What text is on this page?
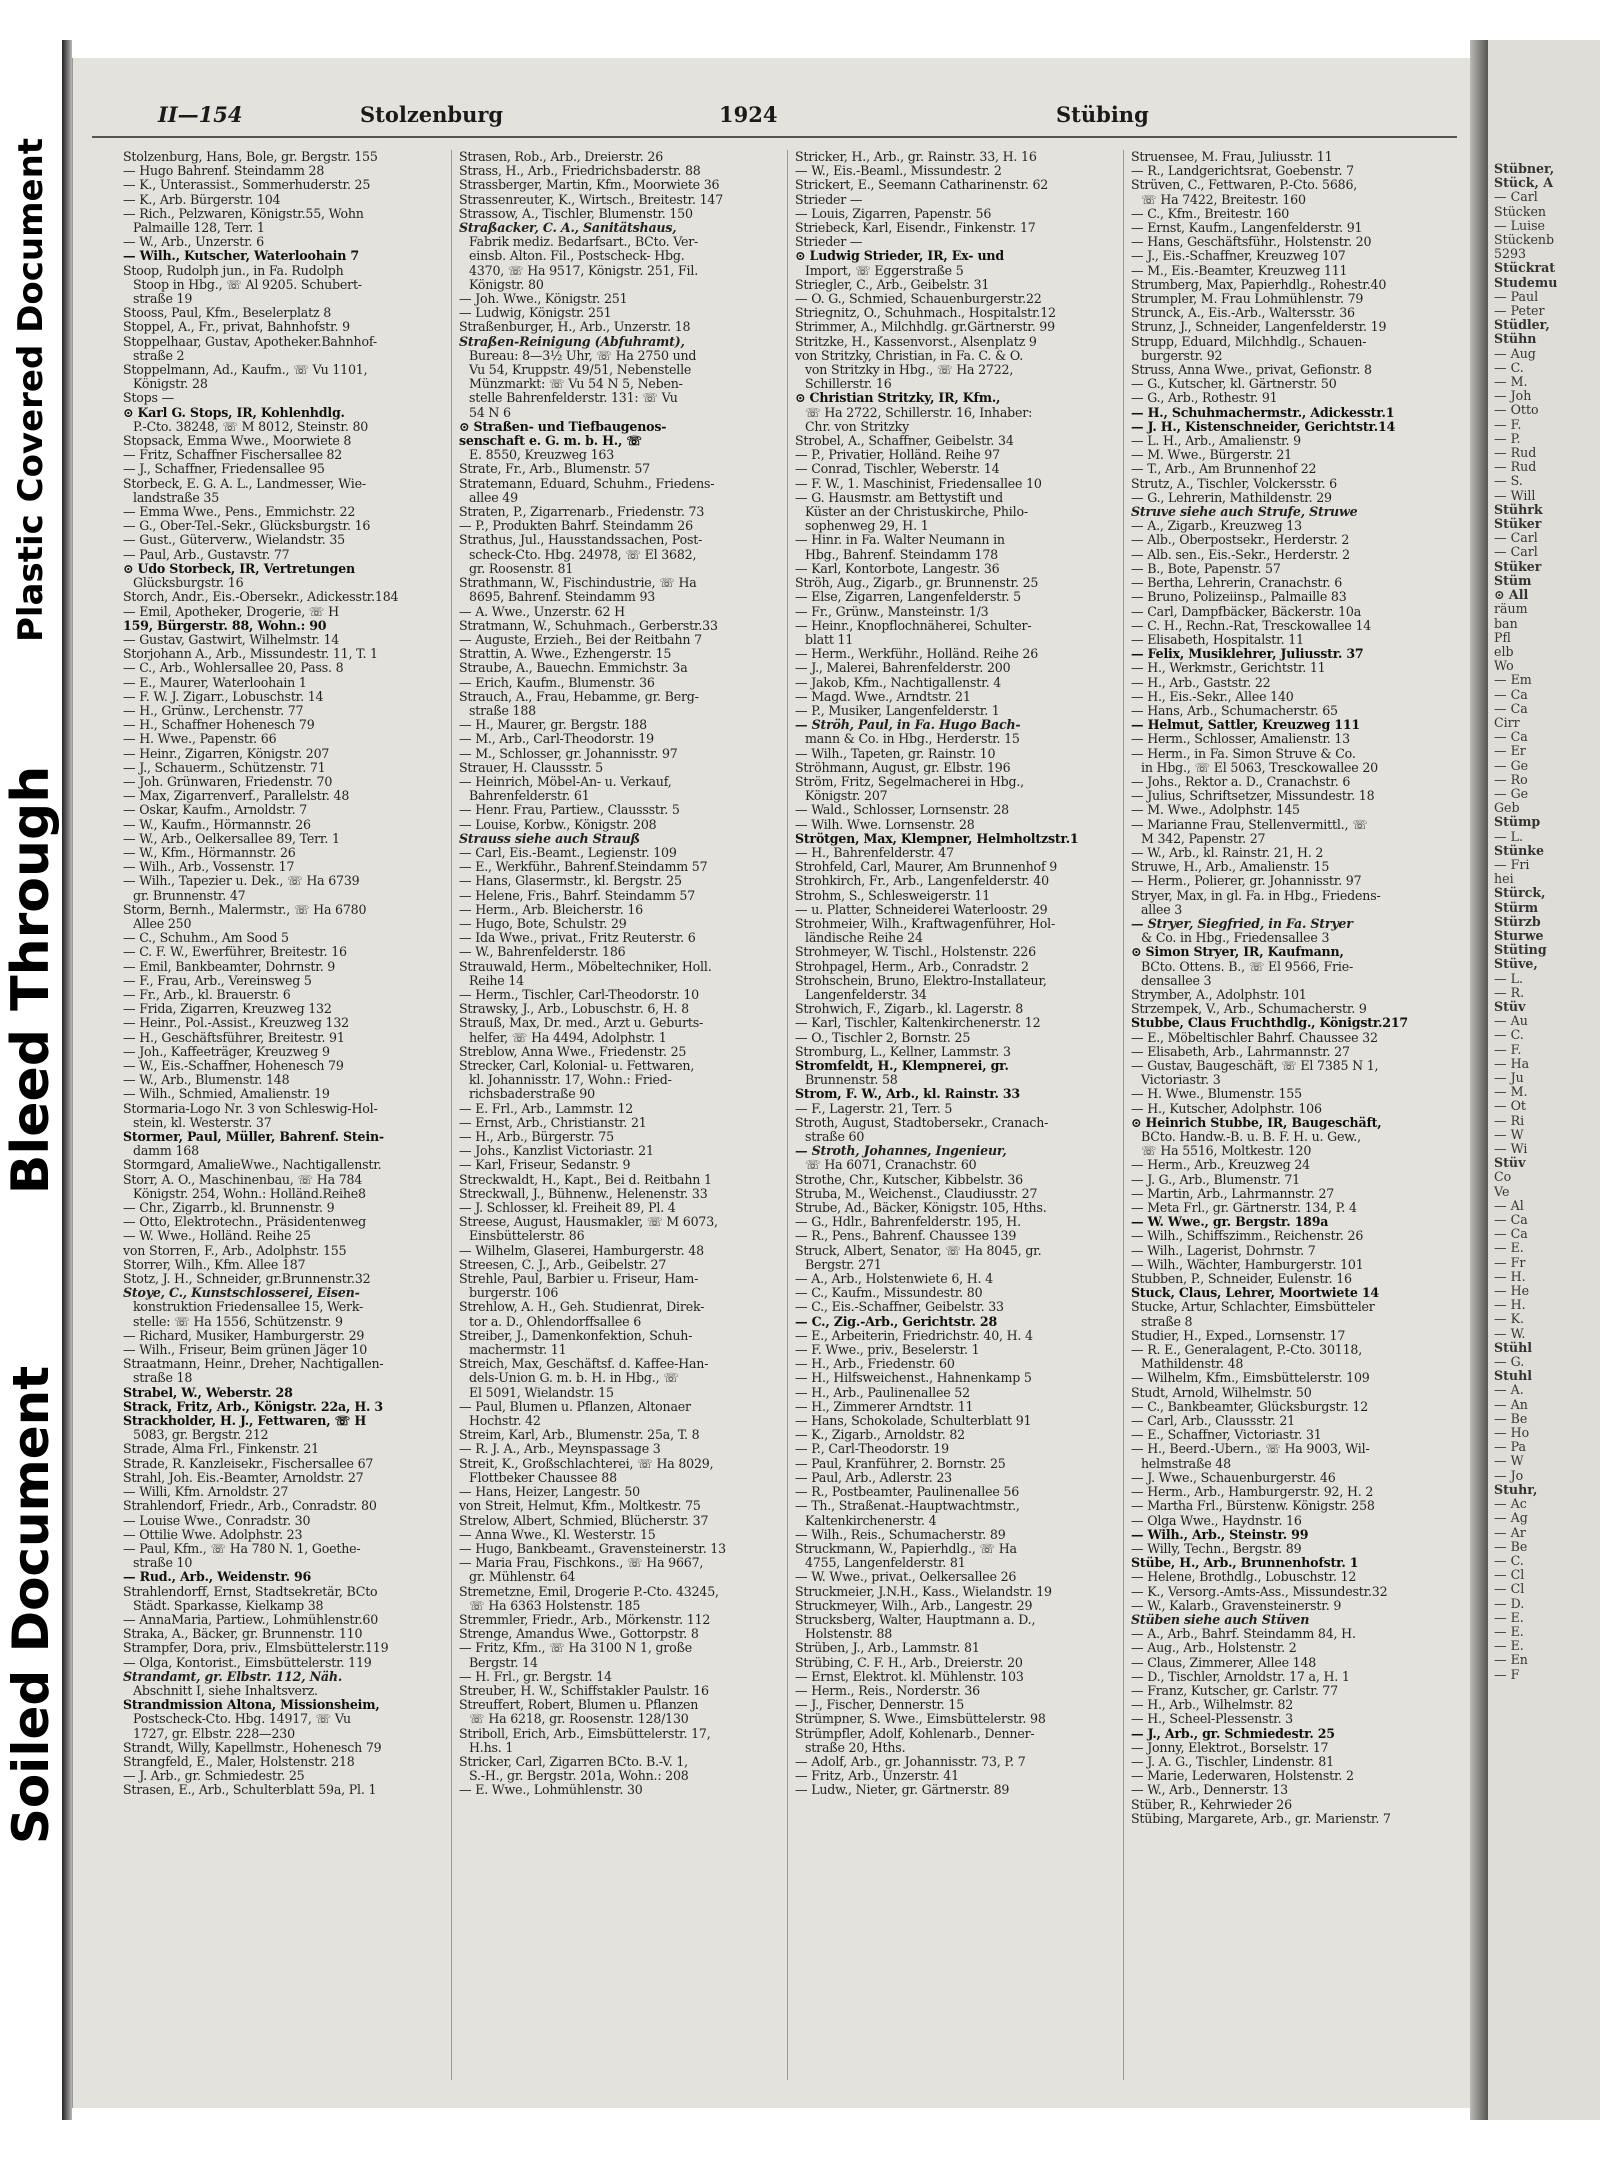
Plastic Covered Document
Bleed Through
Soiled Document
Stübner,
Stück, A
— Carl
Stücken
— Luise
Stückenb
5293
Stückrat
Studemu
— Paul
— Peter
Stüdler,
Stühn
— Aug
— C.
— M.
— Joh
— Otto
— F.
— P.
— Rud
— Rud
— S.
— Will
Stührk
Stüker
— Carl
— Carl
Stüker
Stüm
⊙ All
räum
ban
Pfl
elb
Wo
— Em
— Ca
— Ca
Cirr
— Ca
— Er
— Ge
— Ro
— Ge
Geb
Stümp
— L.
Stünke
— Fri
hei
Stürck,
Stürm
Stürzb
Sturwe
Stüting
Stüve,
— L.
— R.
Stüv
— Au
— C.
— F.
— Ha
— Ju
— M.
— Ot
— Ri
— W
— Wi
Stüv
Co
Ve
— Al
— Ca
— Ca
— E.
— Fr
— H.
— He
— H.
— K.
— W.
Stühl
— G.
Stuhl
— A.
— An
— Be
— Ho
— Pa
— W
— Jo
Stuhr,
— Ac
— Ag
— Ar
— Be
— C.
— Cl
— Cl
— D.
— E.
— E.
— E.
— En
— F
II—154	Stolzenburg	1924	Stübing
Stolzenburg, Hans, Bole, gr. Bergstr. 155
— Hugo Bahrenf. Steindamm 28
— K., Unterassist., Sommerhuderstr. 25
— K., Arb. Bürgerstr. 104
— Rich., Pelzwaren, Königstr.55, Wohn
Palmaille 128, Terr. 1
— W., Arb., Unzerstr. 6
— Wilh., Kutscher, Waterloohain 7
Stoop, Rudolph jun., in Fa. Rudolph
Stoop in Hbg., ☏ Al 9205. Schubert-
straße 19
Stooss, Paul, Kfm., Beselerplatz 8
Stoppel, A., Fr., privat, Bahnhofstr. 9
Stoppelhaar, Gustav, Apotheker.Bahnhof-
straße 2
Stoppelmann, Ad., Kaufm., ☏ Vu 1101,
Königstr. 28
Stops —
⊙ Karl G. Stops, IR, Kohlenhdlg.
P.-Cto. 38248, ☏ M 8012, Steinstr. 80
Stopsack, Emma Wwe., Moorwiete 8
— Fritz, Schaffner Fischersallee 82
— J., Schaffner, Friedensallee 95
Storbeck, E. G. A. L., Landmesser, Wie-
landstraße 35
— Emma Wwe., Pens., Emmichstr. 22
— G., Ober-Tel.-Sekr., Glücksburgstr. 16
— Gust., Güterverw., Wielandstr. 35
— Paul, Arb., Gustavstr. 77
⊙ Udo Storbeck, IR, Vertretungen
Glücksburgstr. 16
Storch, Andr., Eis.-Obersekr., Adickesstr.184
— Emil, Apotheker, Drogerie, ☏ H
159, Bürgerstr. 88, Wohn.: 90
— Gustav, Gastwirt, Wilhelmstr. 14
Storjohann A., Arb., Missundestr. 11, T. 1
— C., Arb., Wohlersallee 20, Pass. 8
— E., Maurer, Waterloohain 1
— F. W. J. Zigarr., Lobuschstr. 14
— H., Grünw., Lerchenstr. 77
— H., Schaffner Hohenesch 79
— H. Wwe., Papenstr. 66
— Heinr., Zigarren, Königstr. 207
— J., Schauerm., Schützenstr. 71
— Joh. Grünwaren, Friedenstr. 70
— Max, Zigarrenverf., Parallelstr. 48
— Oskar, Kaufm., Arnoldstr. 7
— W., Kaufm., Hörmannstr. 26
— W., Arb., Oelkersallee 89, Terr. 1
— W., Kfm., Hörmannstr. 26
— Wilh., Arb., Vossenstr. 17
— Wilh., Tapezier u. Dek., ☏ Ha 6739
gr. Brunnenstr. 47
Storm, Bernh., Malermstr., ☏ Ha 6780
Allee 250
— C., Schuhm., Am Sood 5
— C. F. W., Ewerführer, Breitestr. 16
— Emil, Bankbeamter, Dohrnstr. 9
— F., Frau, Arb., Vereinsweg 5
— Fr., Arb., kl. Brauerstr. 6
— Frida, Zigarren, Kreuzweg 132
— Heinr., Pol.-Assist., Kreuzweg 132
— H., Geschäftsführer, Breitestr. 91
— Joh., Kaffeeträger, Kreuzweg 9
— W., Eis.-Schaffner, Hohenesch 79
— W., Arb., Blumenstr. 148
— Wilh., Schmied, Amalienstr. 19
Stormaria-Logo Nr. 3 von Schleswig-Hol-
stein, kl. Westerstr. 37
Stormer, Paul, Müller, Bahrenf. Stein-
damm 168
Stormgard, AmalieWwe., Nachtigallenstr.
Storr, A. O., Maschinenbau, ☏ Ha 784
Königstr. 254, Wohn.: Holländ.Reihe8
— Chr., Zigarrb., kl. Brunnenstr. 9
— Otto, Elektrotechn., Präsidentenweg
— W. Wwe., Holländ. Reihe 25
von Storren, F., Arb., Adolphstr. 155
Storrer, Wilh., Kfm. Allee 187
Stotz, J. H., Schneider, gr.Brunnenstr.32
Stoye, C., Kunstschlosserei, Eisen-
konstruktion Friedensallee 15, Werk-
stelle: ☏ Ha 1556, Schützenstr. 9
— Richard, Musiker, Hamburgerstr. 29
— Wilh., Friseur, Beim grünen Jäger 10
Straatmann, Heinr., Dreher, Nachtigallen-
straße 18
Strabel, W., Weberstr. 28
Strack, Fritz, Arb., Königstr. 22a, H. 3
Strackholder, H. J., Fettwaren, ☏ H
5083, gr. Bergstr. 212
Strade, Alma Frl., Finkenstr. 21
Strade, R. Kanzleisekr., Fischersallee 67
Strahl, Joh. Eis.-Beamter, Arnoldstr. 27
— Willi, Kfm. Arnoldstr. 27
Strahlendorf, Friedr., Arb., Conradstr. 80
— Louise Wwe., Conradstr. 30
— Ottilie Wwe. Adolphstr. 23
— Paul, Kfm., ☏ Ha 780 N. 1, Goethe-
straße 10
— Rud., Arb., Weidenstr. 96
Strahlendorff, Ernst, Stadtsekretär, BCto
Städt. Sparkasse, Kielkamp 38
— AnnaMaria, Partiew., Lohmühlenstr.60
Straka, A., Bäcker, gr. Brunnenstr. 110
Strampfer, Dora, priv., Elmsbüttelerstr.119
— Olga, Kontorist., Eimsbüttelerstr. 119
Strandamt, gr. Elbstr. 112, Näh.
Abschnitt I, siehe Inhaltsverz.
Strandmission Altona, Missionsheim,
Postscheck-Cto. Hbg. 14917, ☏ Vu
1727, gr. Elbstr. 228—230
Strandt, Willy, Kapellmstr., Hohenesch 79
Strangfeld, E., Maler, Holstenstr. 218
— J. Arb., gr. Schmiedestr. 25
Strasen, E., Arb., Schulterblatt 59a, Pl. 1
Strasen, Rob., Arb., Dreierstr. 26
Strass, H., Arb., Friedrichsbaderstr. 88
Strassberger, Martin, Kfm., Moorwiete 36
Strassenreuter, K., Wirtsch., Breitestr. 147
Strassow, A., Tischler, Blumenstr. 150
Straßacker, C. A., Sanitätshaus,
Fabrik mediz. Bedarfsart., BCto. Ver-
einsb. Alton. Fil., Postscheck- Hbg.
4370, ☏ Ha 9517, Königstr. 251, Fil.
Königstr. 80
— Joh. Wwe., Königstr. 251
— Ludwig, Königstr. 251
Straßenburger, H., Arb., Unzerstr. 18
Straßen-Reinigung (Abfuhramt),
Bureau: 8—3½ Uhr, ☏ Ha 2750 und
Vu 54, Kruppstr. 49/51, Nebenstelle
Münzmarkt: ☏ Vu 54 N 5, Neben-
stelle Bahrenfelderstr. 131: ☏ Vu
54 N 6
⊙ Straßen- und Tiefbaugenos-
senschaft e. G. m. b. H., ☏
E. 8550, Kreuzweg 163
Strate, Fr., Arb., Blumenstr. 57
Stratemann, Eduard, Schuhm., Friedens-
allee 49
Straten, P., Zigarrenarb., Friedenstr. 73
— P., Produkten Bahrf. Steindamm 26
Strathus, Jul., Hausstandssachen, Post-
scheck-Cto. Hbg. 24978, ☏ El 3682,
gr. Roosenstr. 81
Strathmann, W., Fischindustrie, ☏ Ha
8695, Bahrenf. Steindamm 93
— A. Wwe., Unzerstr. 62 H
Stratmann, W., Schuhmach., Gerberstr.33
— Auguste, Erzieh., Bei der Reitbahn 7
Strattin, A. Wwe., Ezhengerstr. 15
Straube, A., Bauechn. Emmichstr. 3a
— Erich, Kaufm., Blumenstr. 36
Strauch, A., Frau, Hebamme, gr. Berg-
straße 188
— H., Maurer, gr. Bergstr. 188
— M., Arb., Carl-Theodorstr. 19
— M., Schlosser, gr. Johannisstr. 97
Strauer, H. Claussstr. 5
— Heinrich, Möbel-An- u. Verkauf,
Bahrenfelderstr. 61
— Henr. Frau, Partiew., Claussstr. 5
— Louise, Korbw., Königstr. 208
Strauss siehe auch Strauß
— Carl, Eis.-Beamt., Legienstr. 109
— E., Werkführ., Bahrenf.Steindamm 57
— Hans, Glasermstr., kl. Bergstr. 25
— Helene, Fris., Bahrf. Steindamm 57
— Herm., Arb. Bleicherstr. 16
— Hugo, Bote, Schulstr. 29
— Ida Wwe., privat., Fritz Reuterstr. 6
— W., Bahrenfelderstr. 186
Strauwald, Herm., Möbeltechniker, Holl.
Reihe 14
— Herm., Tischler, Carl-Theodorstr. 10
Strawsky, J., Arb., Lobuschstr. 6, H. 8
Strauß, Max, Dr. med., Arzt u. Geburts-
helfer, ☏ Ha 4494, Adolphstr. 1
Streblow, Anna Wwe., Friedenstr. 25
Strecker, Carl, Kolonial- u. Fettwaren,
kl. Johannisstr. 17, Wohn.: Fried-
richsbaderstraße 90
— E. Frl., Arb., Lammstr. 12
— Ernst, Arb., Christianstr. 21
— H., Arb., Bürgerstr. 75
— Johs., Kanzlist Victoriastr. 21
— Karl, Friseur, Sedanstr. 9
Streckwaldt, H., Kapt., Bei d. Reitbahn 1
Streckwall, J., Bühnenw., Helenenstr. 33
— J. Schlosser, kl. Freiheit 89, Pl. 4
Streese, August, Hausmakler, ☏ M 6073,
Einsbüttelerstr. 86
— Wilhelm, Glaserei, Hamburgerstr. 48
Streesen, C. J., Arb., Geibelstr. 27
Strehle, Paul, Barbier u. Friseur, Ham-
burgerstr. 106
Strehlow, A. H., Geh. Studienrat, Direk-
tor a. D., Ohlendorffsallee 6
Streiber, J., Damenkonfektion, Schuh-
machermstr. 11
Streich, Max, Geschäftsf. d. Kaffee-Han-
dels-Union G. m. b. H. in Hbg., ☏
El 5091, Wielandstr. 15
— Paul, Blumen u. Pflanzen, Altonaer
Hochstr. 42
Streim, Karl, Arb., Blumenstr. 25a, T. 8
— R. J. A., Arb., Meynspassage 3
Streit, K., Großschlachterei, ☏ Ha 8029,
Flottbeker Chaussee 88
— Hans, Heizer, Langestr. 50
von Streit, Helmut, Kfm., Moltkestr. 75
Strelow, Albert, Schmied, Blücherstr. 37
— Anna Wwe., Kl. Westerstr. 15
— Hugo, Bankbeamt., Gravensteinerstr. 13
— Maria Frau, Fischkons., ☏ Ha 9667,
gr. Mühlenstr. 64
Stremetzne, Emil, Drogerie P.-Cto. 43245,
☏ Ha 6363 Holstenstr. 185
Stremmler, Friedr., Arb., Mörkenstr. 112
Strenge, Amandus Wwe., Gottorpstr. 8
— Fritz, Kfm., ☏ Ha 3100 N 1, große
Bergstr. 14
— H. Frl., gr. Bergstr. 14
Streuber, H. W., Schiffstakler Paulstr. 16
Streuffert, Robert, Blumen u. Pflanzen
☏ Ha 6218, gr. Roosenstr. 128/130
Striboll, Erich, Arb., Eimsbüttelerstr. 17,
H.hs. 1
Stricker, Carl, Zigarren BCto. B.-V. 1,
S.-H., gr. Bergstr. 201a, Wohn.: 208
— E. Wwe., Lohmühlenstr. 30
Stricker, H., Arb., gr. Rainstr. 33, H. 16
— W., Eis.-Beaml., Missundestr. 2
Strickert, E., Seemann Catharinenstr. 62
Strieder —
— Louis, Zigarren, Papenstr. 56
Striebeck, Karl, Eisendr., Finkenstr. 17
Strieder —
⊙ Ludwig Strieder, IR, Ex- und
Import, ☏ Eggerstraße 5
Striegler, C., Arb., Geibelstr. 31
— O. G., Schmied, Schauenburgerstr.22
Striegnitz, O., Schuhmach., Hospitalstr.12
Strimmer, A., Milchhdlg. gr.Gärtnerstr. 99
Stritzke, H., Kassenvorst., Alsenplatz 9
von Stritzky, Christian, in Fa. C. & O.
von Stritzky in Hbg., ☏ Ha 2722,
Schillerstr. 16
⊙ Christian Stritzky, IR, Kfm.,
☏ Ha 2722, Schillerstr. 16, Inhaber:
Chr. von Stritzky
Strobel, A., Schaffner, Geibelstr. 34
— P., Privatier, Holländ. Reihe 97
— Conrad, Tischler, Weberstr. 14
— F. W., 1. Maschinist, Friedensallee 10
— G. Hausmstr. am Bettystift und
Küster an der Christuskirche, Philo-
sophenweg 29, H. 1
— Hinr. in Fa. Walter Neumann in
Hbg., Bahrenf. Steindamm 178
— Karl, Kontorbote, Langestr. 36
Ströh, Aug., Zigarb., gr. Brunnenstr. 25
— Else, Zigarren, Langenfelderstr. 5
— Fr., Grünw., Mansteinstr. 1/3
— Heinr., Knopflochnäherei, Schulter-
blatt 11
— Herm., Werkführ., Holländ. Reihe 26
— J., Malerei, Bahrenfelderstr. 200
— Jakob, Kfm., Nachtigallenstr. 4
— Magd. Wwe., Arndtstr. 21
— P., Musiker, Langenfelderstr. 1
— Ströh, Paul, in Fa. Hugo Bach-
mann & Co. in Hbg., Herderstr. 15
— Wilh., Tapeten, gr. Rainstr. 10
Ströhmann, August, gr. Elbstr. 196
Ström, Fritz, Segelmacherei in Hbg.,
Königstr. 207
— Wald., Schlosser, Lornsenstr. 28
— Wilh. Wwe. Lornsenstr. 28
Strötgen, Max, Klempner, Helmholtzstr.1
— H., Bahrenfelderstr. 47
Strohfeld, Carl, Maurer, Am Brunnenhof 9
Strohkirch, Fr., Arb., Langenfelderstr. 40
Strohm, S., Schlesweigerstr. 11
— u. Platter, Schneiderei Waterloostr. 29
Strohmeier, Wilh., Kraftwagenführer, Hol-
ländische Reihe 24
Strohmeyer, W. Tischl., Holstenstr. 226
Strohpagel, Herm., Arb., Conradstr. 2
Strohschein, Bruno, Elektro-Installateur,
Langenfelderstr. 34
Strohwich, F., Zigarb., kl. Lagerstr. 8
— Karl, Tischler, Kaltenkirchenerstr. 12
— O., Tischler 2, Bornstr. 25
Stromburg, L., Kellner, Lammstr. 3
Stromfeldt, H., Klempnerei, gr.
Brunnenstr. 58
Strom, F. W., Arb., kl. Rainstr. 33
— F., Lagerstr. 21, Terr. 5
Stroth, August, Stadtobersekr., Cranach-
straße 60
— Stroth, Johannes, Ingenieur,
☏ Ha 6071, Cranachstr. 60
Strothe, Chr., Kutscher, Kibbelstr. 36
Struba, M., Weichenst., Claudiusstr. 27
Strube, Ad., Bäcker, Königstr. 105, Hths.
— G., Hdlr., Bahrenfelderstr. 195, H.
— R., Pens., Bahrenf. Chaussee 139
Struck, Albert, Senator, ☏ Ha 8045, gr.
Bergstr. 271
— A., Arb., Holstenwiete 6, H. 4
— C., Kaufm., Missundestr. 80
— C., Eis.-Schaffner, Geibelstr. 33
— C., Zig.-Arb., Gerichtstr. 28
— E., Arbeiterin, Friedrichstr. 40, H. 4
— F. Wwe., priv., Beselerstr. 1
— H., Arb., Friedenstr. 60
— H., Hilfsweichenst., Hahnenkamp 5
— H., Arb., Paulinenallee 52
— H., Zimmerer Arndtstr. 11
— Hans, Schokolade, Schulterblatt 91
— K., Zigarb., Arnoldstr. 82
— P., Carl-Theodorstr. 19
— Paul, Kranführer, 2. Bornstr. 25
— Paul, Arb., Adlerstr. 23
— R., Postbeamter, Paulinenallee 56
— Th., Straßenat.-Hauptwachtmstr.,
Kaltenkirchenerstr. 4
— Wilh., Reis., Schumacherstr. 89
Struckmann, W., Papierhdlg., ☏ Ha
4755, Langenfelderstr. 81
— W. Wwe., privat., Oelkersallee 26
Struckmeier, J.N.H., Kass., Wielandstr. 19
Struckmeyer, Wilh., Arb., Langestr. 29
Strucksberg, Walter, Hauptmann a. D.,
Holstenstr. 88
Strüben, J., Arb., Lammstr. 81
Strübing, C. F. H., Arb., Dreierstr. 20
— Ernst, Elektrot. kl. Mühlenstr. 103
— Herm., Reis., Norderstr. 36
— J., Fischer, Dennerstr. 15
Strümpner, S. Wwe., Eimsbüttelerstr. 98
Strümpfler, Adolf, Kohlenarb., Denner-
straße 20, Hths.
— Adolf, Arb., gr. Johannisstr. 73, P. 7
— Fritz, Arb., Unzerstr. 41
— Ludw., Nieter, gr. Gärtnerstr. 89
Struensee, M. Frau, Juliusstr. 11
— R., Landgerichtsrat, Goebenstr. 7
Strüven, C., Fettwaren, P.-Cto. 5686,
☏ Ha 7422, Breitestr. 160
— C., Kfm., Breitestr. 160
— Ernst, Kaufm., Langenfelderstr. 91
— Hans, Geschäftsführ., Holstenstr. 20
— J., Eis.-Schaffner, Kreuzweg 107
— M., Eis.-Beamter, Kreuzweg 111
Strumberg, Max, Papierhdlg., Rohestr.40
Strumpler, M. Frau Lohmühlenstr. 79
Strunck, A., Eis.-Arb., Waltersstr. 36
Strunz, J., Schneider, Langenfelderstr. 19
Strupp, Eduard, Milchhdlg., Schauen-
burgerstr. 92
Struss, Anna Wwe., privat, Gefionstr. 8
— G., Kutscher, kl. Gärtnerstr. 50
— G., Arb., Rothestr. 91
— H., Schuhmachermstr., Adickesstr.1
— J. H., Kistenschneider, Gerichtstr.14
— L. H., Arb., Amalienstr. 9
— M. Wwe., Bürgerstr. 21
— T., Arb., Am Brunnenhof 22
Strutz, A., Tischler, Volckersstr. 6
— G., Lehrerin, Mathildenstr. 29
Struve siehe auch Strufe, Struwe
— A., Zigarb., Kreuzweg 13
— Alb., Oberpostsekr., Herderstr. 2
— Alb. sen., Eis.-Sekr., Herderstr. 2
— B., Bote, Papenstr. 57
— Bertha, Lehrerin, Cranachstr. 6
— Bruno, Polizeiinsp., Palmaille 83
— Carl, Dampfbäcker, Bäckerstr. 10a
— C. H., Rechn.-Rat, Tresckowallee 14
— Elisabeth, Hospitalstr. 11
— Felix, Musiklehrer, Juliusstr. 37
— H., Werkmstr., Gerichtstr. 11
— H., Arb., Gaststr. 22
— H., Eis.-Sekr., Allee 140
— Hans, Arb., Schumacherstr. 65
— Helmut, Sattler, Kreuzweg 111
— Herm., Schlosser, Amalienstr. 13
— Herm., in Fa. Simon Struve & Co.
in Hbg., ☏ El 5063, Tresckowallee 20
— Johs., Rektor a. D., Cranachstr. 6
— Julius, Schriftsetzer, Missundestr. 18
— M. Wwe., Adolphstr. 145
— Marianne Frau, Stellenvermittl., ☏
M 342, Papenstr. 27
— W., Arb., kl. Rainstr. 21, H. 2
Struwe, H., Arb., Amalienstr. 15
— Herm., Polierer, gr. Johannisstr. 97
Stryer, Max, in gl. Fa. in Hbg., Friedens-
allee 3
— Stryer, Siegfried, in Fa. Stryer
& Co. in Hbg., Friedensallee 3
⊙ Simon Stryer, IR, Kaufmann,
BCto. Ottens. B., ☏ El 9566, Frie-
densallee 3
Strymber, A., Adolphstr. 101
Strzempek, V., Arb., Schumacherstr. 9
Stubbe, Claus Fruchthdlg., Königstr.217
— E., Möbeltischler Bahrf. Chaussee 32
— Elisabeth, Arb., Lahrmannstr. 27
— Gustav, Baugeschäft, ☏ El 7385 N 1,
Victoriastr. 3
— H. Wwe., Blumenstr. 155
— H., Kutscher, Adolphstr. 106
⊙ Heinrich Stubbe, IR, Baugeschäft,
BCto. Handw.-B. u. B. F. H. u. Gew.,
☏ Ha 5516, Moltkestr. 120
— Herm., Arb., Kreuzweg 24
— J. G., Arb., Blumenstr. 71
— Martin, Arb., Lahrmannstr. 27
— Meta Frl., gr. Gärtnerstr. 134, P. 4
— W. Wwe., gr. Bergstr. 189a
— Wilh., Schiffszimm., Reichenstr. 26
— Wilh., Lagerist, Dohrnstr. 7
— Wilh., Wächter, Hamburgerstr. 101
Stubben, P., Schneider, Eulenstr. 16
Stuck, Claus, Lehrer, Moortwiete 14
Stucke, Artur, Schlachter, Eimsbütteler
straße 8
Studier, H., Exped., Lornsenstr. 17
— R. E., Generalagent, P.-Cto. 30118,
Mathildenstr. 48
— Wilhelm, Kfm., Eimsbüttelerstr. 109
Studt, Arnold, Wilhelmstr. 50
— C., Bankbeamter, Glücksburgstr. 12
— Carl, Arb., Claussstr. 21
— E., Schaffner, Victoriastr. 31
— H., Beerd.-Übern., ☏ Ha 9003, Wil-
helmstraße 48
— J. Wwe., Schauenburgerstr. 46
— Herm., Arb., Hamburgerstr. 92, H. 2
— Martha Frl., Bürstenw. Königstr. 258
— Olga Wwe., Haydnstr. 16
— Wilh., Arb., Steinstr. 99
— Willy, Techn., Bergstr. 89
Stübe, H., Arb., Brunnenhofstr. 1
— Helene, Brothdlg., Lobuschstr. 12
— K., Versorg.-Amts-Ass., Missundestr.32
— W., Kalarb., Gravensteinerstr. 9
Stüben siehe auch Stüven
— A., Arb., Bahrf. Steindamm 84, H.
— Aug., Arb., Holstenstr. 2
— Claus, Zimmerer, Allee 148
— D., Tischler, Arnoldstr. 17 a, H. 1
— Franz, Kutscher, gr. Carlstr. 77
— H., Arb., Wilhelmstr. 82
— H., Scheel-Plessenstr. 3
— J., Arb., gr. Schmiedestr. 25
— Jonny, Elektrot., Borselstr. 17
— J. A. G., Tischler, Lindenstr. 81
— Marie, Lederwaren, Holstenstr. 2
— W., Arb., Dennerstr. 13
Stüber, R., Kehrwieder 26
Stübing, Margarete, Arb., gr. Marienstr. 7
